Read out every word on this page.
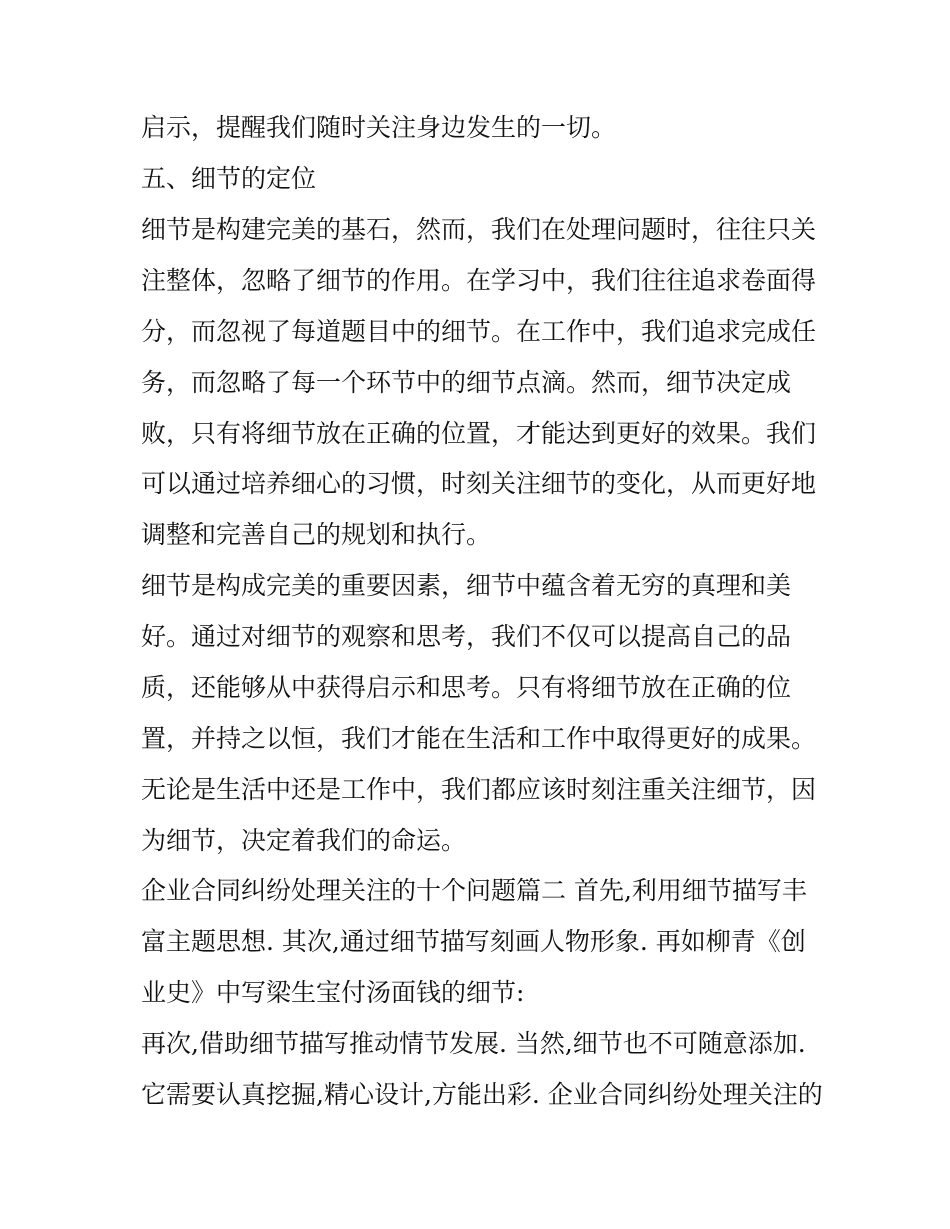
启示，提醒我们随时关注身边发生的一切。
五、细节的定位
细节是构建完美的基石，然而，我们在处理问题时，往往只关
注整体，忽略了细节的作用。在学习中，我们往往追求卷面得
分，而忽视了每道题目中的细节。在工作中，我们追求完成任
务，而忽略了每一个环节中的细节点滴。然而，细节决定成
败，只有将细节放在正确的位置，才能达到更好的效果。我们
可以通过培养细心的习惯，时刻关注细节的变化，从而更好地
调整和完善自己的规划和执行。
细节是构成完美的重要因素，细节中蕴含着无穷的真理和美
好。通过对细节的观察和思考，我们不仅可以提高自己的品
质，还能够从中获得启示和思考。只有将细节放在正确的位
置，并持之以恒，我们才能在生活和工作中取得更好的成果。
无论是生活中还是工作中，我们都应该时刻注重关注细节，因
为细节，决定着我们的命运。
企业合同纠纷处理关注的十个问题篇二 首先,利用细节描写丰
富主题思想. 其次,通过细节描写刻画人物形象. 再如柳青《创
业史》中写梁生宝付汤面钱的细节:
再次,借助细节描写推动情节发展. 当然,细节也不可随意添加.
它需要认真挖掘,精心设计,方能出彩. 企业合同纠纷处理关注的
